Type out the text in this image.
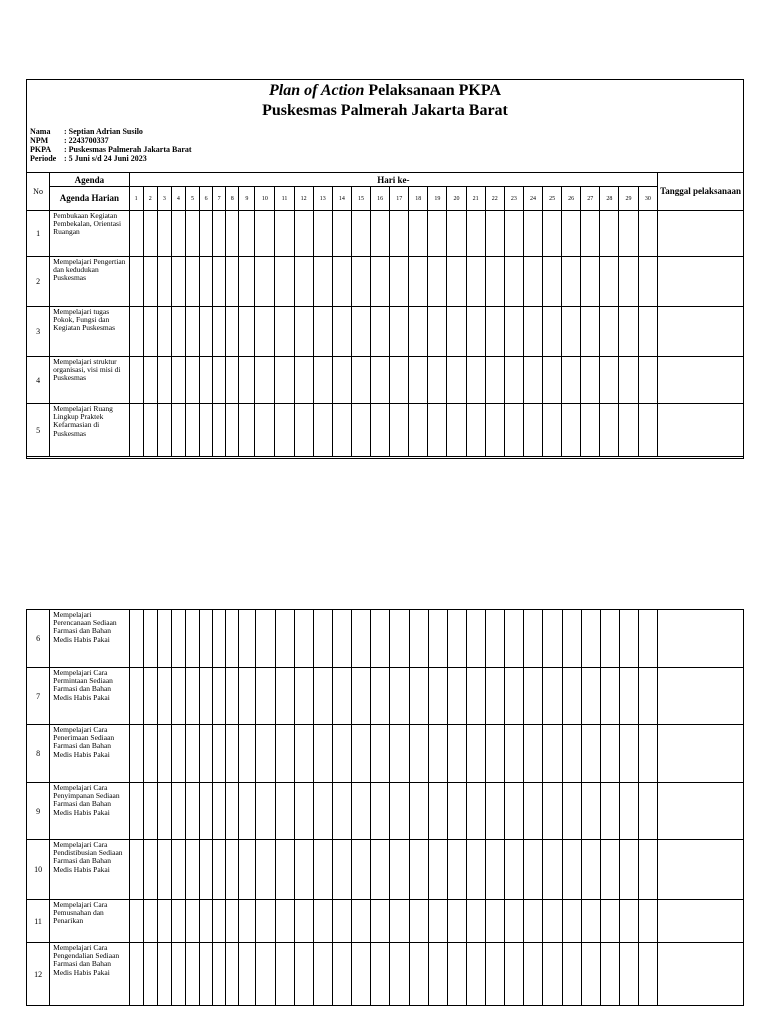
Plan of Action Pelaksanaan PKPA
Puskesmas Palmerah Jakarta Barat
Nama	: Septian Adrian Susilo
NPM	: 2243700337
PKPA	: Puskesmas Palmerah Jakarta Barat
Periode : 5 Juni s/d 24 Juni 2023
No	Agenda	Hari ke-																														Tanggal pelaksanaan
	Agenda Harian	1	2	3	4	5	6	7	8	9	10	11	12	13	14	15	16	17	18	19	20	21	22	23	24	25	26	27	28	29	30	
1	Pembukaan Kegiatan Pembekalan, Orientasi Ruangan																															
2	Mempelajari Pengertian dan kedudukan Puskesmas																															
3	Mempelajari tugas Pokok, Fungsi dan Kegiatan Puskesmas																															
4	Mempelajari struktur organisasi, visi misi di Puskesmas																															
5	Mempelajari Ruang Lingkup Praktek Kefarmasian di Puskesmas																															
6	Mempelajari Perencanaan Sediaan Farmasi dan Bahan Medis Habis Pakai																															
7	Mempelajari Cara Permintaan Sediaan Farmasi dan Bahan Medis Habis Pakai																															
8	Mempelajari Cara Penerimaan Sediaan Farmasi dan Bahan Medis Habis Pakai																															
9	Mempelajari Cara Penyimpanan Sediaan Farmasi dan Bahan Medis Habis Pakai																															
10	Mempelajari Cara Pendistibusian Sediaan Farmasi dan Bahan Medis Habis Pakai																															
11	Mempelajari Cara Pemusnahan dan Penarikan																															
12	Mempelajari Cara Pengendalian Sediaan Farmasi dan Bahan Medis Habis Pakai																															
